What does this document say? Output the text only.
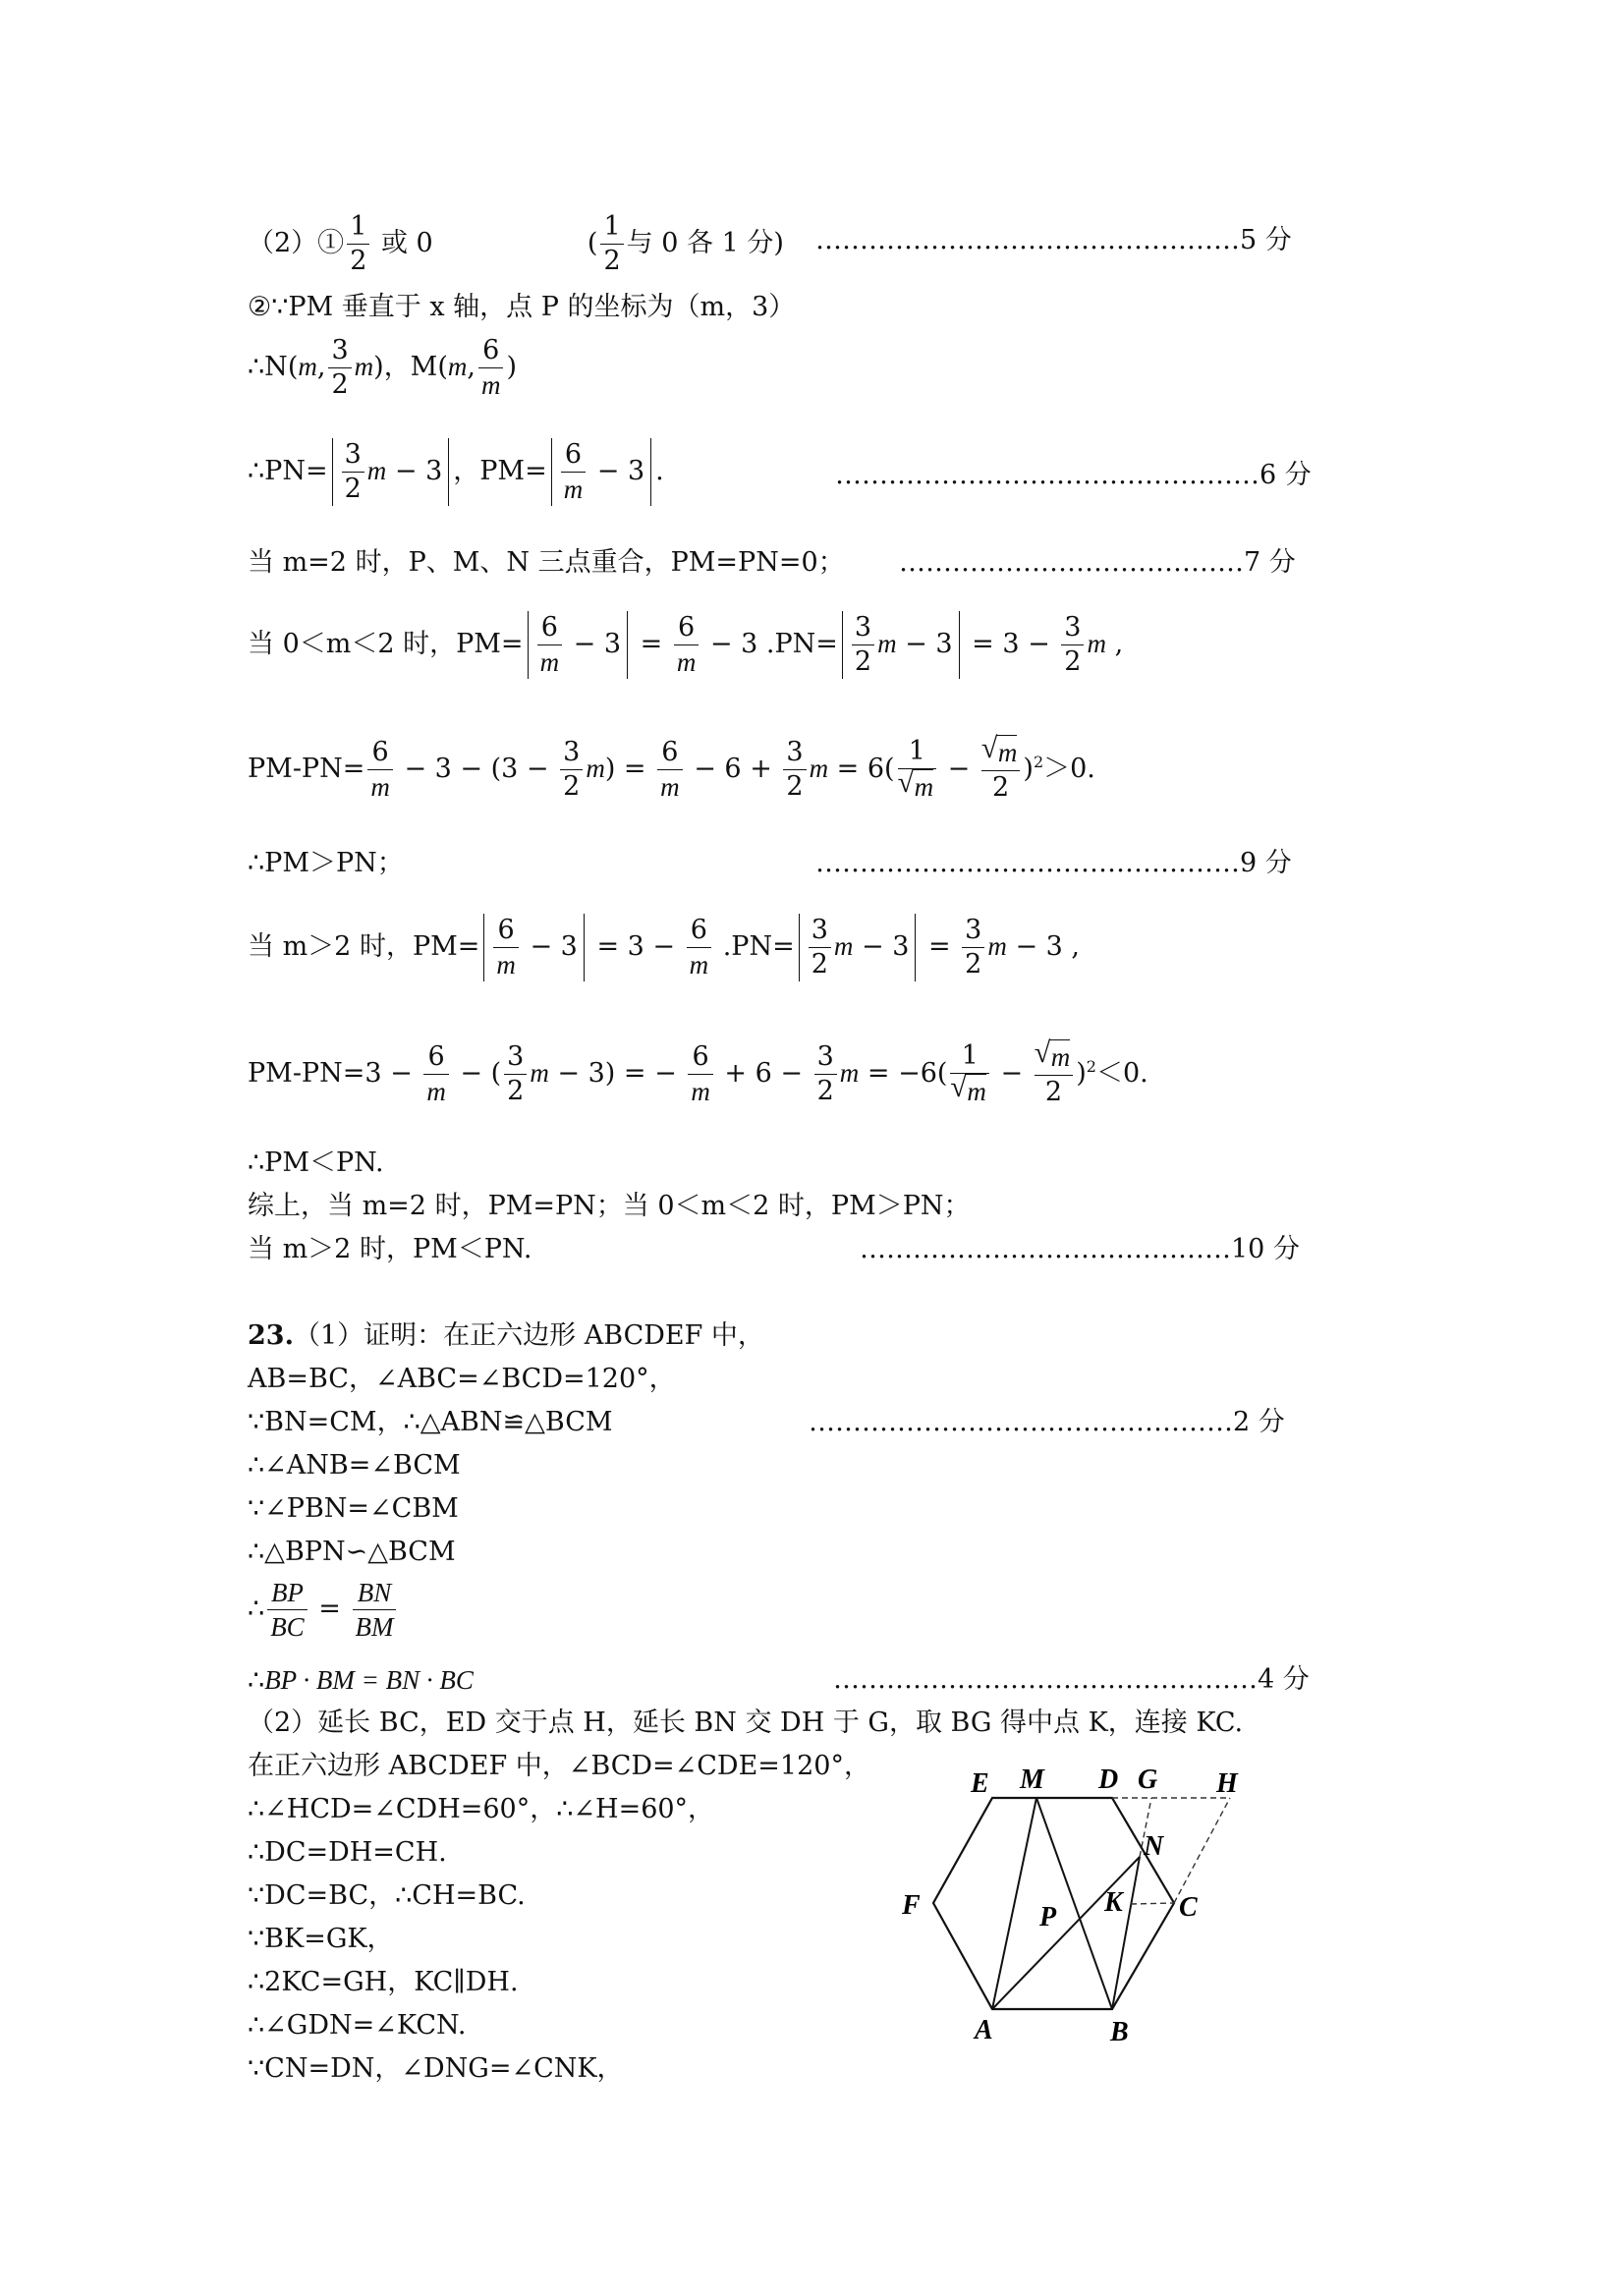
（2）① $\frac{1}{2}$ 或 0	( $\frac{1}{2}$ 与 0 各 1 分) …………………………………………5 分
②∵PM 垂直于 x 轴，点 P 的坐标为（m，3）
∴N(m, $\frac{3}{2} m$)，M(m, $\frac{6}{m}$ )
∴PN= $\frac{3}{2}$ m − 3 ，$PM= \frac{6}{m} - 3$ .	…………………………………………6 分
当 m=2 时，P、M、N 三点重合，PM=PN=0； …………………………………7 分
当 0＜m＜2 时，$PM= \frac{6}{m} - 3 = \frac{6}{m} - 3$ $.PN= \frac{3}{2}$ $m - 3 = 3 - \frac{3}{2}$ m ,
$PM-PN= \frac{6}{m} - 3 - (3 - \frac{3}{2} m) = \frac{6}{m} - 6 + \frac{3}{2}$ m = 6( 1
√ m − √ $\frac{m}{2} )^2>0$.
∴PM＞PN；	…………………………………………9 分
当 m＞2 时，$PM= \frac{6}{m} - 3 = 3 - \frac{6}{m} .PN= \frac{3}{2}$ $m - 3 = \frac{3}{2}$ m − 3 ,
$PM-PN=3 - \frac{6}{m}$ − ( $\frac{3}{2}$ m − 3) = − $\frac{6}{m} + 6 - \frac{3}{2}$ m = −6( 1
√ m − √ $\frac{m}{2} )^2<0$.
∴PM＜PN.
综上，当 m=2 时，PM=PN；当 0＜m＜2 时，PM＞PN；
当 m＞2 时，PM＜PN.	……………………………………10 分
23.（1）证明：在正六边形 ABCDEF 中，
AB=BC，∠ABC=∠BCD=120°，
∵BN=CM，∴△ABN≌△BCM	…………………………………………2 分
∴∠ANB=∠BCM
∵∠PBN=∠CBM
∴△BPN∽△BCM
∴ $\frac{BP}{BC} = \frac{BN}{BM}$
∴BP · BM = BN · BC	…………………………………………4 分
（2）延长 BC，ED 交于点 H，延长 BN 交 DH 于 G，取 BG 得中点 K，连接 KC.
在正六边形 ABCDEF 中，∠BCD=∠CDE=120°，
∴∠HCD=∠CDH=60°，∴∠H=60°，
∴DC=DH=CH.
∵DC=BC，∴CH=BC.
∵BK=GK，
∴2KC=GH，KC∥DH.
∴∠GDN=∠KCN.
∵CN=DN，∠DNG=∠CNK，
A	B
C
D
E
F
G H
K
M
N
P
